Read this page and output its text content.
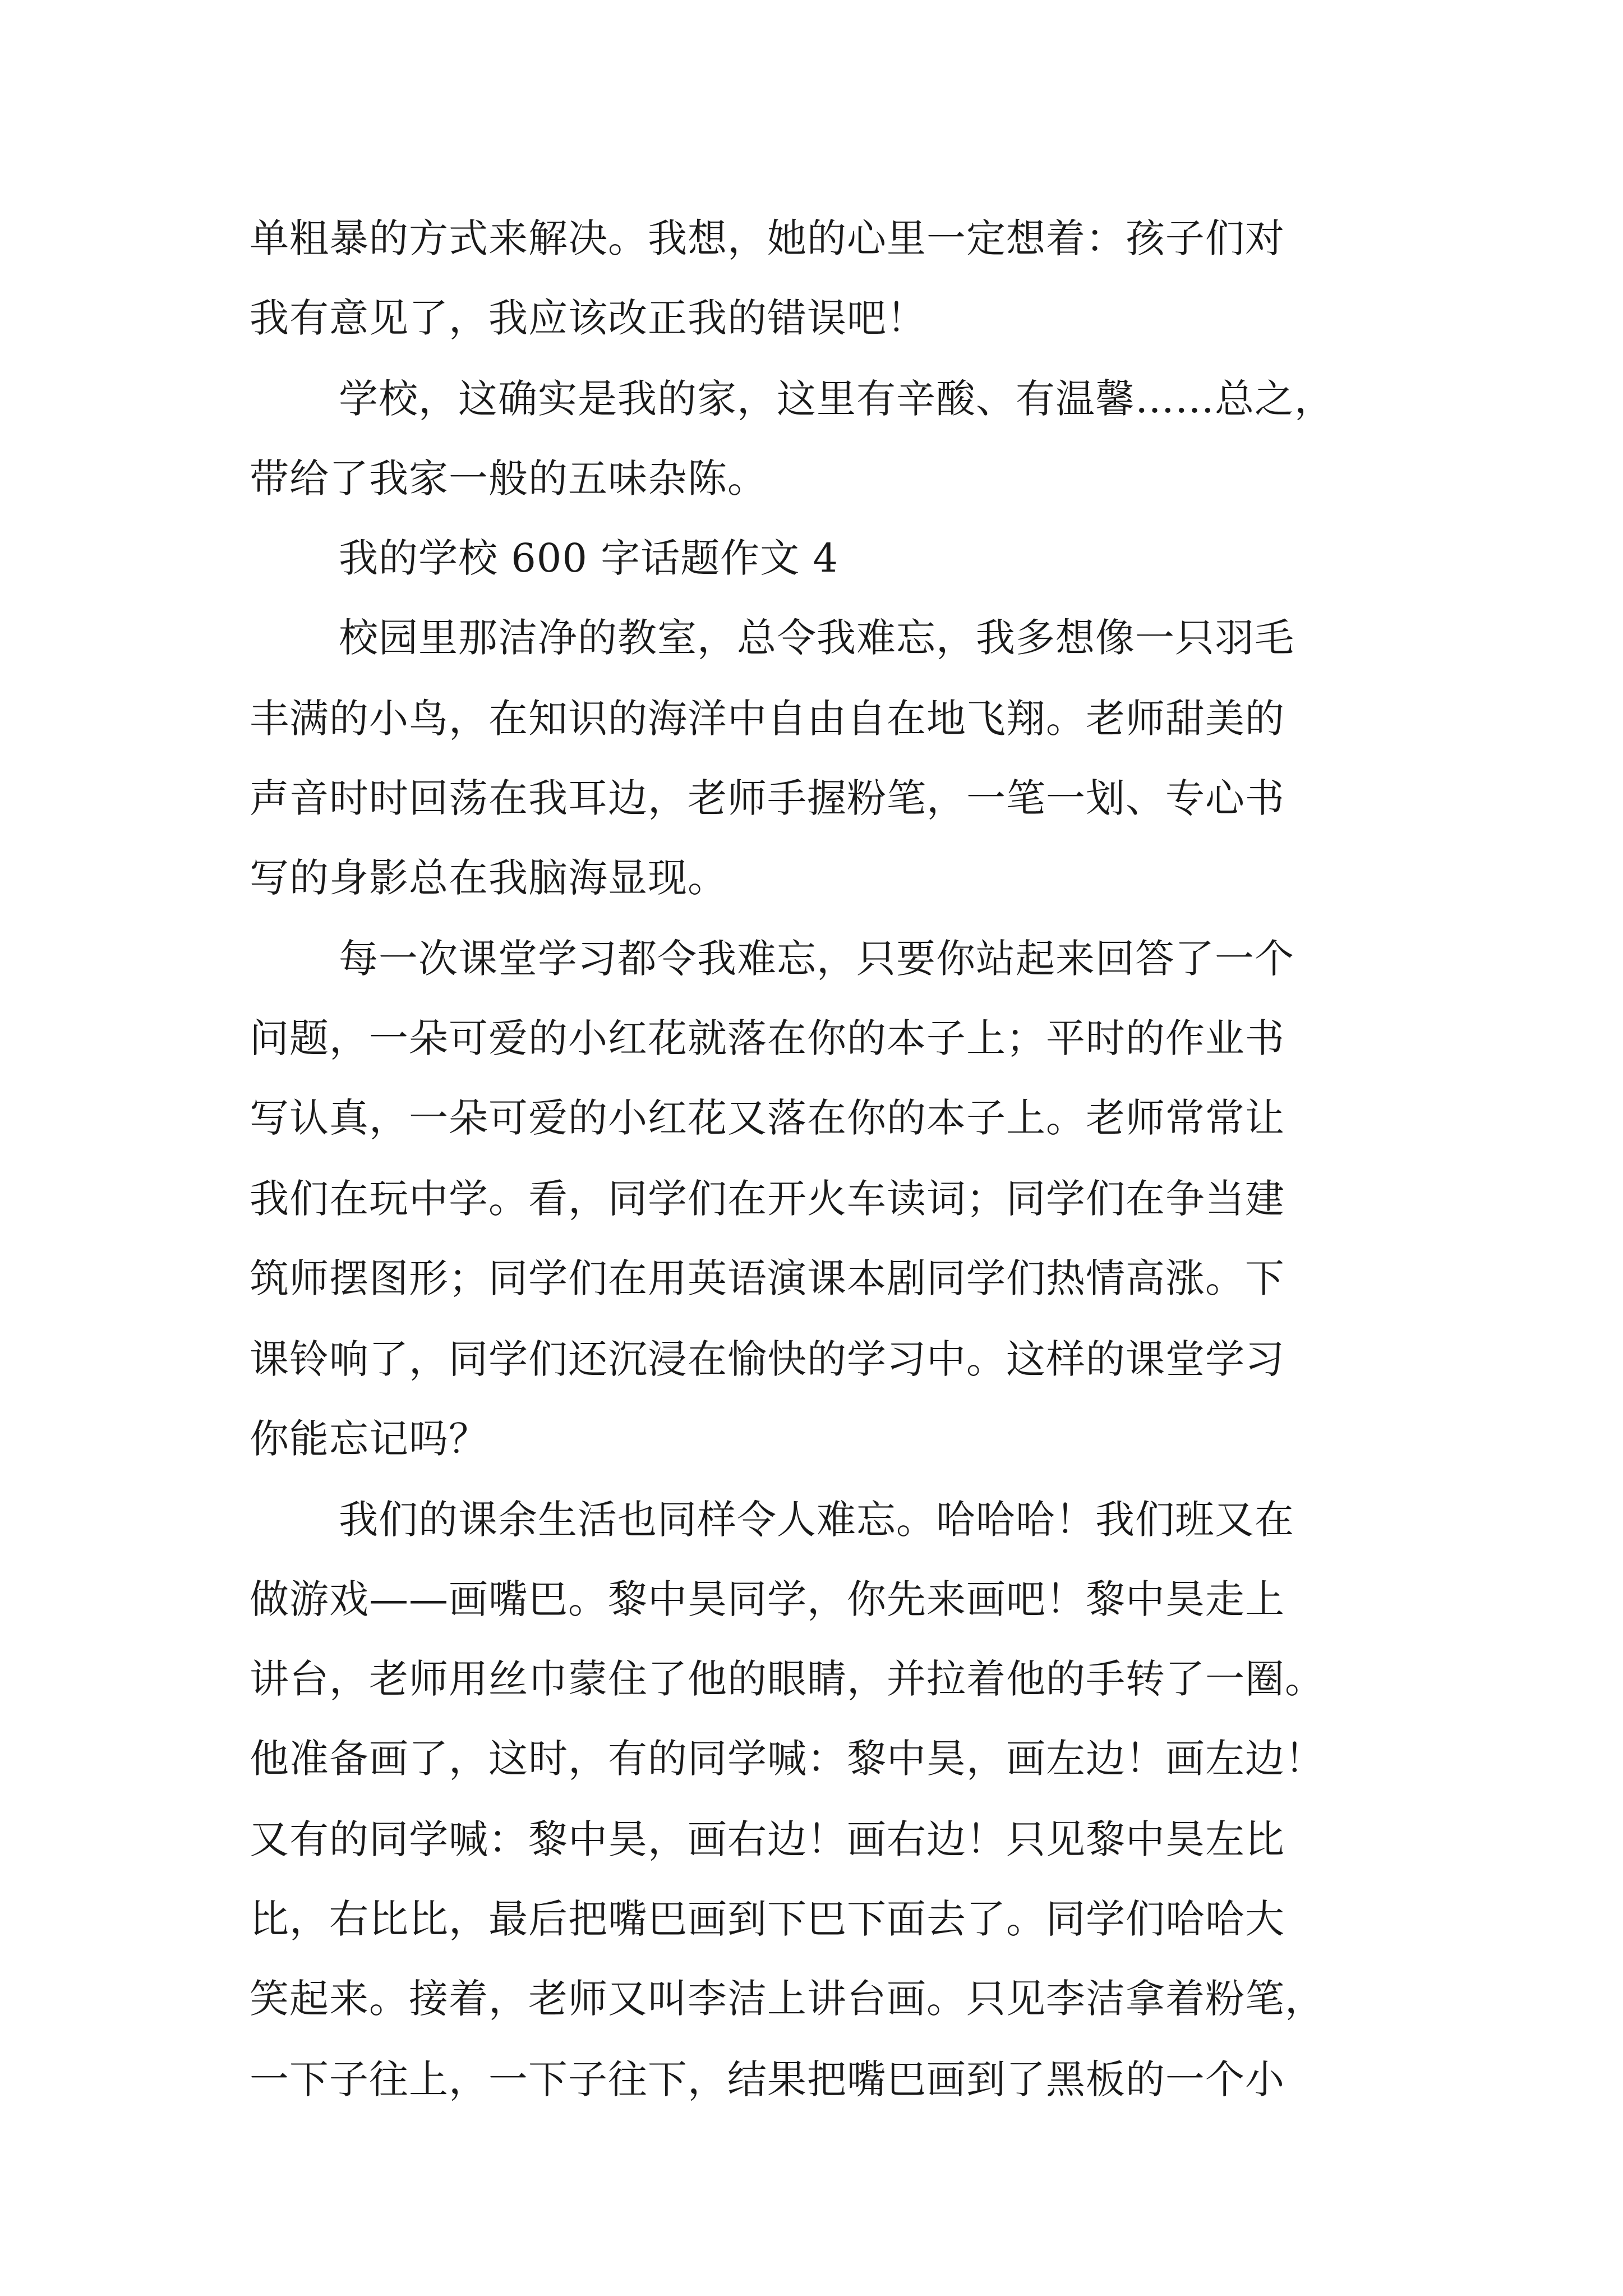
单粗暴的方式来解决。我想，她的心里一定想着：孩子们对
我有意见了，我应该改正我的错误吧！
学校，这确实是我的家，这里有辛酸、有温馨……总之，
带给了我家一般的五味杂陈。
我的学校 600 字话题作文 4
校园里那洁净的教室，总令我难忘，我多想像一只羽毛
丰满的小鸟，在知识的海洋中自由自在地飞翔。老师甜美的
声音时时回荡在我耳边，老师手握粉笔，一笔一划、专心书
写的身影总在我脑海显现。
每一次课堂学习都令我难忘，只要你站起来回答了一个
问题，一朵可爱的小红花就落在你的本子上；平时的作业书
写认真，一朵可爱的小红花又落在你的本子上。老师常常让
我们在玩中学。看，同学们在开火车读词；同学们在争当建
筑师摆图形；同学们在用英语演课本剧同学们热情高涨。下
课铃响了，同学们还沉浸在愉快的学习中。这样的课堂学习
你能忘记吗？
我们的课余生活也同样令人难忘。哈哈哈！我们班又在
做游戏——画嘴巴。黎中昊同学，你先来画吧！黎中昊走上
讲台，老师用丝巾蒙住了他的眼睛，并拉着他的手转了一圈。
他准备画了，这时，有的同学喊：黎中昊，画左边！画左边！
又有的同学喊：黎中昊，画右边！画右边！只见黎中昊左比
比，右比比，最后把嘴巴画到下巴下面去了。同学们哈哈大
笑起来。接着，老师又叫李洁上讲台画。只见李洁拿着粉笔，
一下子往上，一下子往下，结果把嘴巴画到了黑板的一个小
